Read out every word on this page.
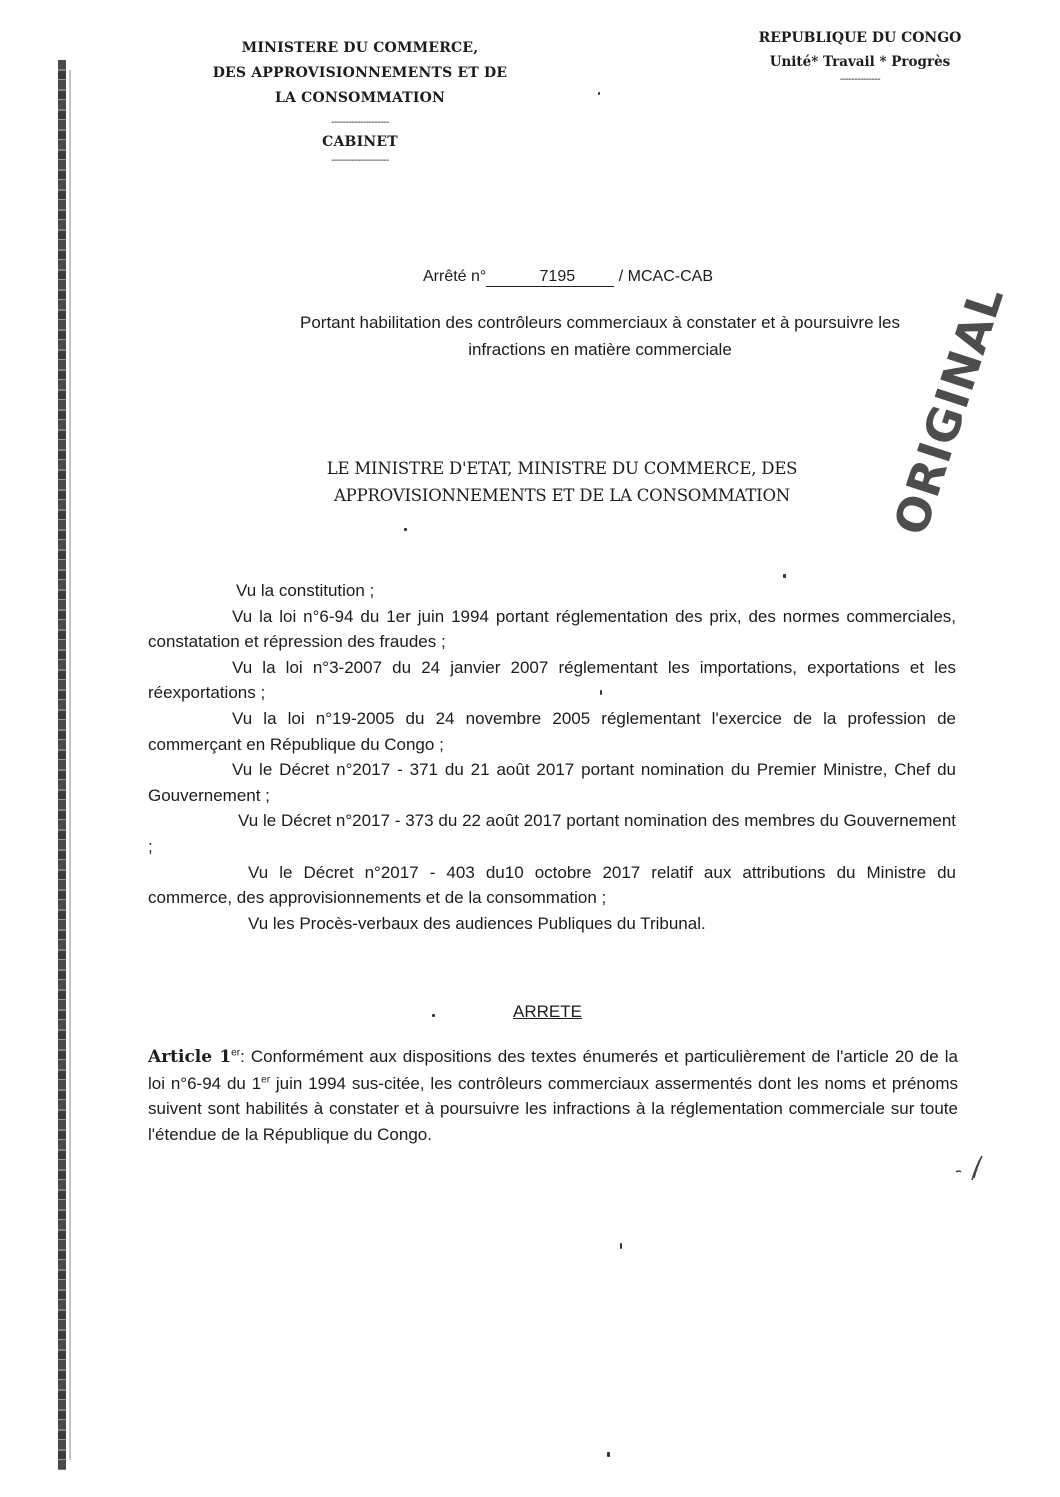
MINISTERE DU COMMERCE,
DES APPROVISIONNEMENTS ET DE
LA CONSOMMATION
--------------------
CABINET
--------------------
REPUBLIQUE DU CONGO
Unité* Travail * Progrès
--------------
Arrêté n°	7195	/ MCAC-CAB
Portant habilitation des contrôleurs commerciaux à constater et à poursuivre les
infractions en matière commerciale
LE MINISTRE D'ETAT, MINISTRE DU COMMERCE, DES
APPROVISIONNEMENTS ET DE LA CONSOMMATION	ORIGINAL

Vu la constitution ;

Vu la loi n°6-94 du 1er juin 1994 portant réglementation des prix, des normes commerciales, constatation et répression des fraudes ;

Vu la loi n°3-2007 du 24 janvier 2007 réglementant les importations, exportations et les réexportations ;

Vu la loi n°19-2005 du 24 novembre 2005 réglementant l'exercice de la profession de commerçant en République du Congo ;

Vu le Décret n°2017 - 371 du 21 août 2017 portant nomination du Premier Ministre, Chef du Gouvernement ;

Vu le Décret n°2017 - 373 du 22 août 2017 portant nomination des membres du Gouvernement ;

Vu le Décret n°2017 - 403 du10 octobre 2017 relatif aux attributions du Ministre du commerce, des approvisionnements et de la consommation ;

Vu les Procès-verbaux des audiences Publiques du Tribunal.

ARRETE

Article 1er: Conformément aux dispositions des textes énumerés et particulièrement de l'article 20 de la loi n°6-94 du 1er juin 1994 sus-citée, les contrôleurs commerciaux assermentés dont les noms et prénoms suivent sont habilités à constater et à poursuivre les infractions à la réglementation commerciale sur toute l'étendue de la République du Congo.
